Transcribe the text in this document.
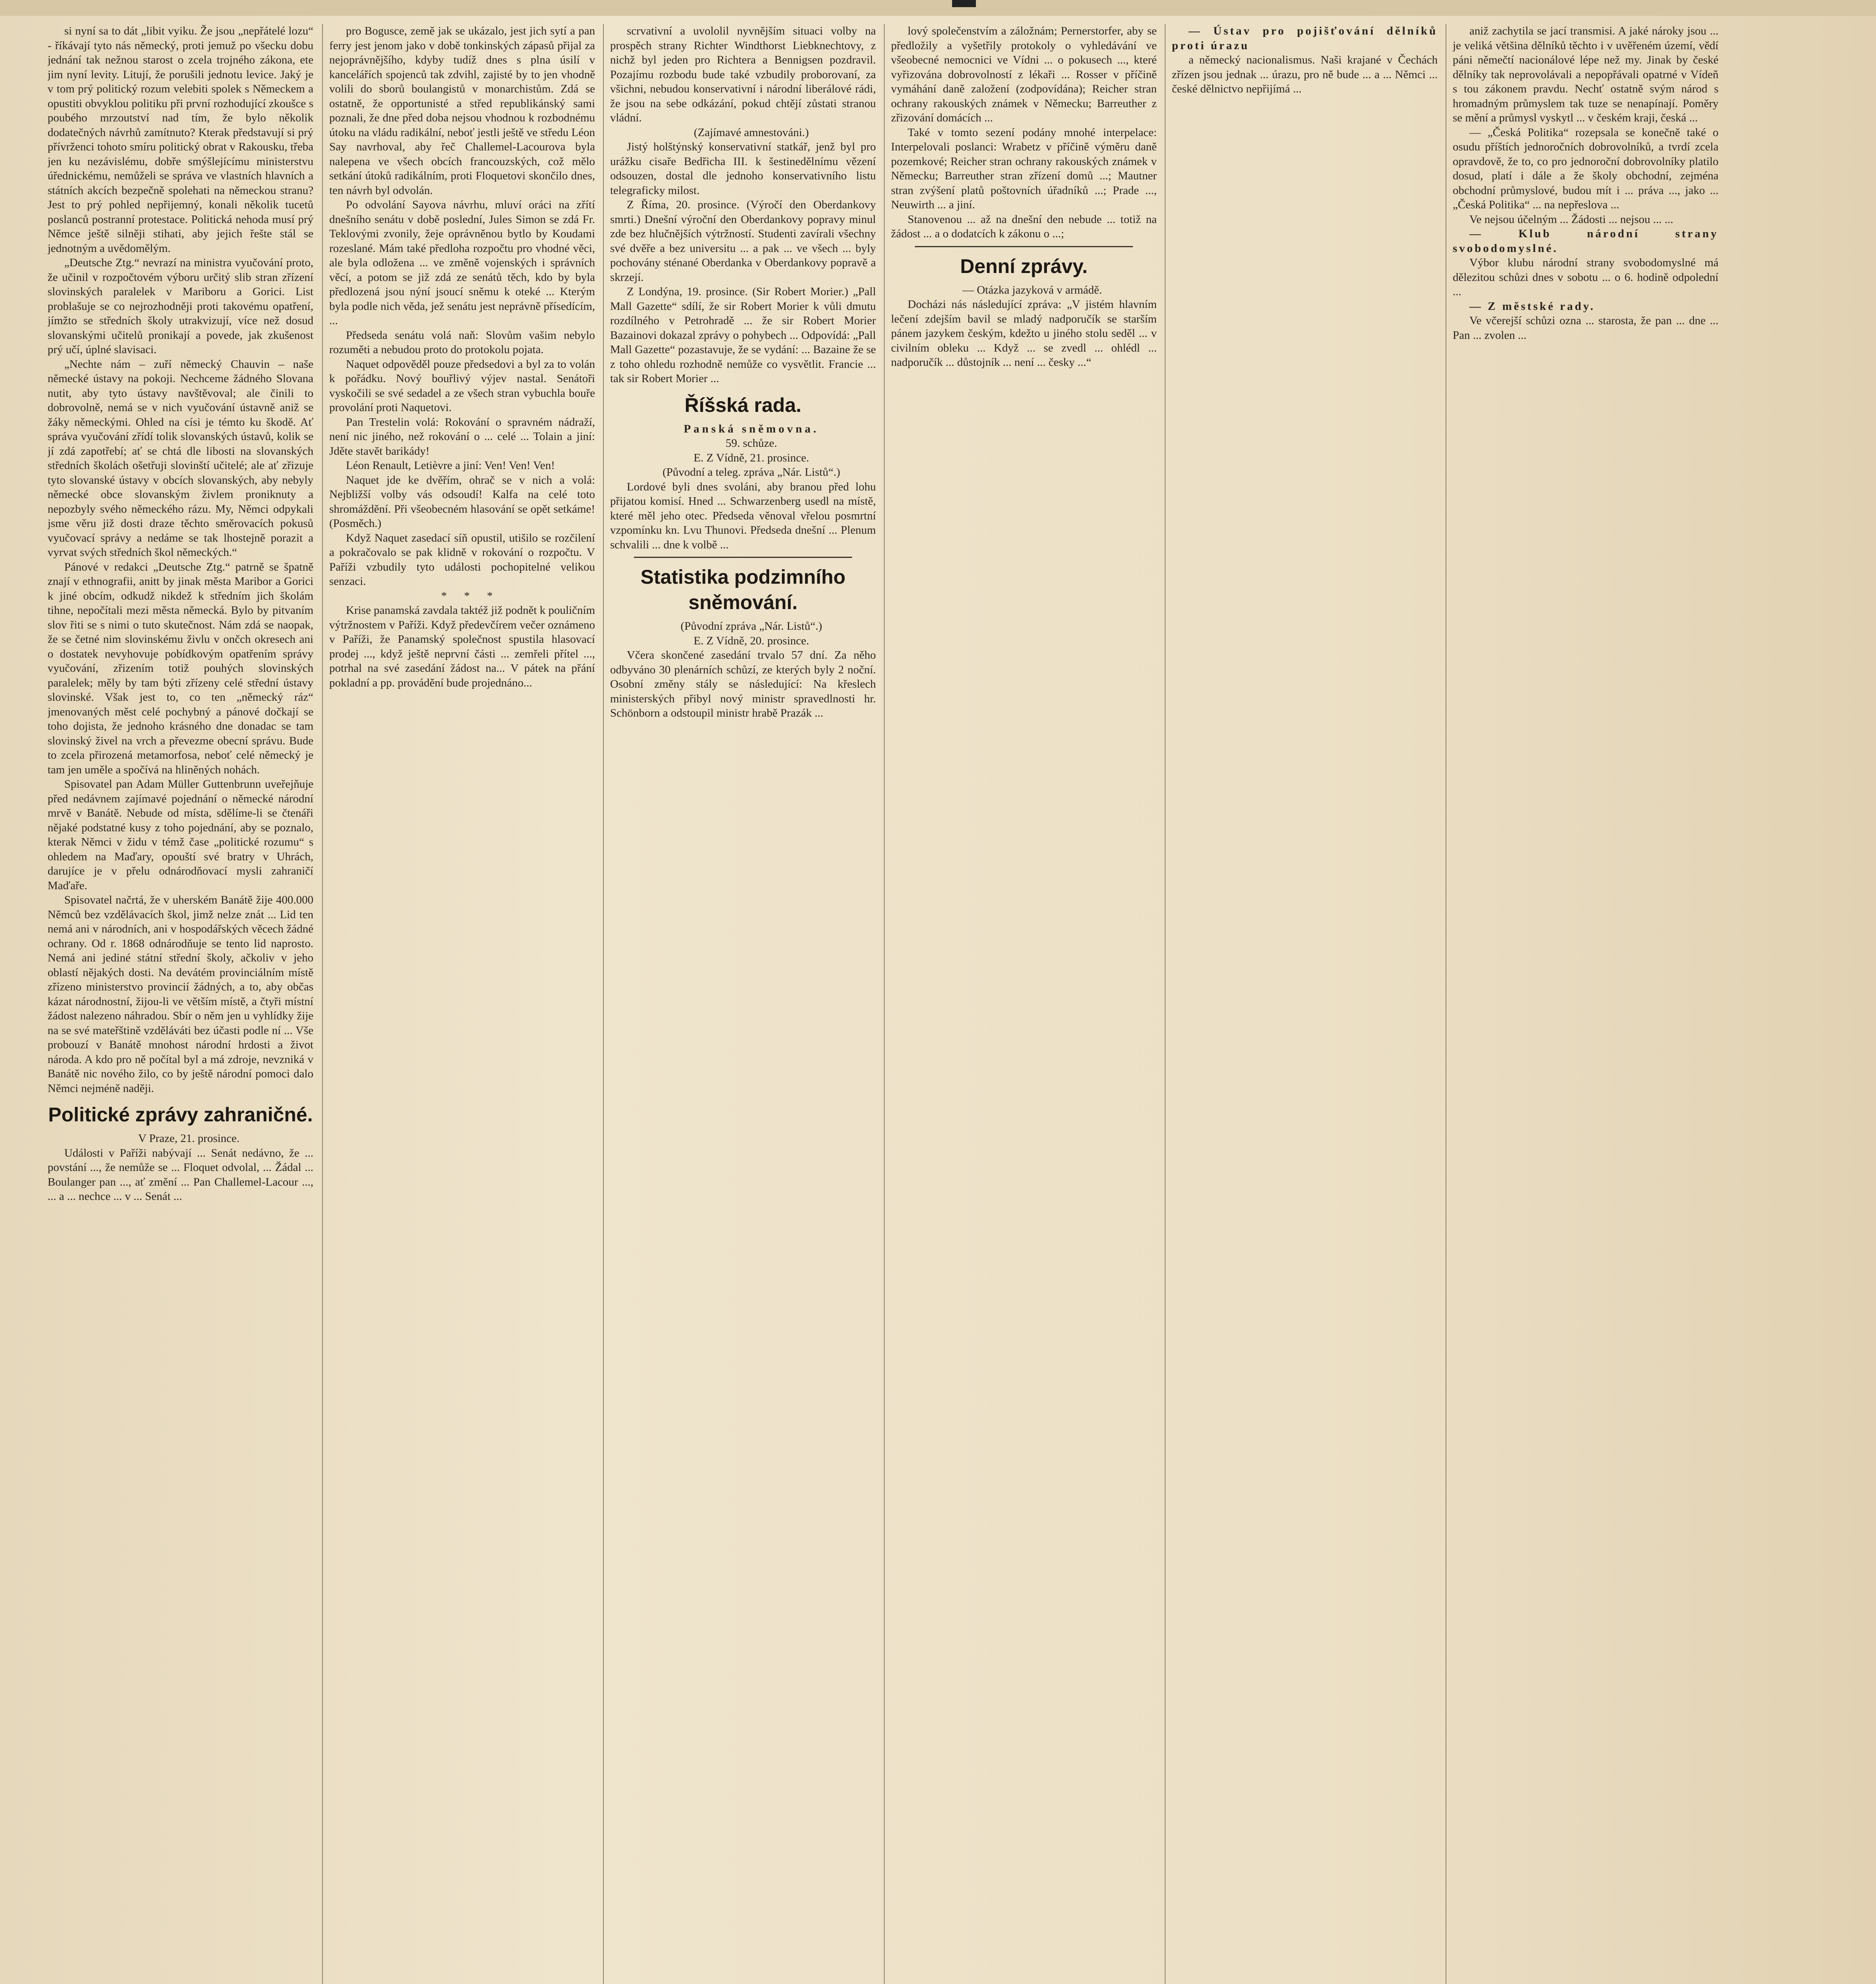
si nyní sa to dát „libit vyiku. Že jsou „nepřátelé lozu“ - říkávají tyto nás německý, proti jemuž po všecku dobu jednání tak nežnou starost o zcela trojného zákona, ete jim nyní levity. Litují, že porušili jednotu levice. Jaký je v tom prý politický rozum velebiti spolek s Německem a opustiti obvyklou politiku při první rozhodující zkoušce s poubého mrzoutství nad tím, že bylo několik dodatečných návrhů zamítnuto? Kterak představují si prý přívrženci tohoto smíru politický obrat v Rakousku, třeba jen ku nezávislému, dobře smýšlejícímu ministerstvu úřednickému, nemůželi se správa ve vlastních hlavních a státních akcích bezpečně spolehati na německou stranu? Jest to prý pohled nepřijemný, konali několik tucetů poslanců postranní protestace. Politická nehoda musí prý Němce ještě silněji stihati, aby jejich řešte stál se jednotným a uvědomělým.

„Deutsche Ztg.“ nevrazí na ministra vyučování proto, že učinil v rozpočtovém výboru určitý slib stran zřízení slovinských paralelek v Mariboru a Gorici. List problašuje se co nejrozhodněji proti takovému opatření, jímžto se středních školy utrakvizují, více než dosud slovanskými učitelů pronikají a povede, jak zkušenost prý učí, úplné slavisaci.

„Nechte nám – zuří německý Chauvin – naše německé ústavy na pokoji. Nechceme žádného Slovana nutit, aby tyto ústavy navštěvoval; ale činili to dobrovolně, nemá se v nich vyučování ústavně aniž se žáky německými. Ohled na císi je témto ku škodě. Ať správa vyučování zřídí tolik slovanských ústavů, kolik se jí zdá zapotřebí; ať se chtá dle libosti na slovanských středních školách ošetřuji slovinští učitelé; ale ať zřizuje tyto slovanské ústavy v obcích slovanských, aby nebyly německé obce slovanským živlem proniknuty a nepozbyly svého německého rázu. My, Němci odpykali jsme věru již dosti draze těchto směrovacích pokusů vyučovací správy a nedáme se tak lhostejně porazit a vyrvat svých středních škol německých.“

Pánové v redakci „Deutsche Ztg.“ patrně se špatně znají v ethnografii, anitt by jinak města Maribor a Gorici k jiné obcím, odkudž nikdež k středním jich školám tihne, nepočítali mezi města německá. Bylo by pitvaním slov řiti se s nimi o tuto skutečnost. Nám zdá se naopak, že se četné nim slovinskému živlu v ončch okresech ani o dostatek nevyhovuje pobídkovým opatřením správy vyučování, zřizením totiž pouhých slovinských paralelek; měly by tam býti zřízeny celé střední ústavy slovinské. Však jest to, co ten „německý ráz“ jmenovaných měst celé pochybný a pánové dočkají se toho dojista, že jednoho krásného dne donadac se tam slovinský živel na vrch a převezme obecní správu. Bude to zcela přirozená metamorfosa, neboť celé německý je tam jen uměle a spočívá na hliněných nohách.

Spisovatel pan Adam Müller Guttenbrunn uveřejňuje před nedávnem zajímavé pojednání o německé národní mrvě v Banátě. Nebude od místa, sdělíme-li se čtenáři nějaké podstatné kusy z toho pojednání, aby se poznalo, kterak Němci v židu v témž čase „politické rozumu“ s ohledem na Maďary, opouští své bratry v Uhrách, darujíce je v přelu odnárodňovací mysli zahraničí Maďaře.

Spisovatel načrtá, že v uherském Banátě žije 400.000 Němců bez vzdělávacích škol, jimž nelze znát ... Lid ten nemá ani v národních, ani v hospodářských věcech žádné ochrany. Od r. 1868 odnárodňuje se tento lid naprosto. Nemá ani jediné státní střední školy, ačkoliv v jeho oblastí nějakých dosti. Na devátém provinciálním místě zřízeno ministerstvo provincií žádných, a to, aby občas kázat národnostní, žijou-li ve větším místě, a čtyři místní žádost nalezeno náhradou. Sbír o něm jen u vyhlídky žije na se své mateřštině vzděláváti bez účasti podle ní ... Vše probouzí v Banátě mnohost národní hrdosti a život národa. A kdo pro ně počítal byl a má zdroje, nevzniká v Banátě nic nového žilo, co by ještě národní pomoci dalo Němci nejméně naději.

Politické zprávy zahraničné.

V Praze, 21. prosince.

Události v Paříži nabývají ... Senát nedávno, že ... povstání ..., že nemůže se ... Floquet odvolal, ... Žádal ... Boulanger pan ..., ať změní ... Pan Challemel-Lacour ..., ... a ... nechce ... v ... Senát ...

pro Bogusce, země jak se ukázalo, jest jich sytí a pan ferry jest jenom jako v době tonkinských zápasů přijal za nejoprávnějšího, kdyby tudíž dnes s plna úsilí v kancelářích spojenců tak zdvihl, zajisté by to jen vhodně volili do sborů boulangistů v monarchistům. Zdá se ostatně, že opportunisté a střed republikánský sami poznali, že dne před doba nejsou vhodnou k rozbodnému útoku na vládu radikální, neboť jestli ještě ve středu Léon Say navrhoval, aby řeč Challemel-Lacourova byla nalepena ve všech obcích francouzských, což mělo setkání útoků radikálním, proti Floquetovi skončilo dnes, ten návrh byl odvolán.

Po odvolání Sayova návrhu, mluví oráci na zřítí dnešního senátu v době poslední, Jules Simon se zdá Fr. Teklovými zvonily, žeje oprávněnou bytlo by Koudami rozeslané. Mám také předloha rozpočtu pro vhodné věci, ale byla odložena ... ve změně vojenských i správních věcí, a potom se již zdá ze senátů těch, kdo by byla předlozená jsou nýní jsoucí sněmu k oteké ... Kterým byla podle nich věda, jež senátu jest neprávně přísedícím, ...

Předseda senátu volá naň: Slovům vašim nebylo rozuměti a nebudou proto do protokolu pojata.

Naquet odpověděl pouze předsedovi a byl za to volán k pořádku. Nový bouřlivý výjev nastal. Senátoři vyskočili se své sedadel a ze všech stran vybuchla bouře provolání proti Naquetovi.

Pan Trestelin volá: Rokování o spravném nádraží, není nic jiného, než rokování o ... celé ... Tolain a jiní: Jděte stavět barikády!

Léon Renault, Letièvre a jiní: Ven! Ven! Ven!

Naquet jde ke dvěřím, ohrač se v nich a volá: Nejbližší volby vás odsoudí! Kalfa na celé toto shromáždění. Při všeobecném hlasování se opět setkáme! (Posměch.)

Když Naquet zasedací síň opustil, utišilo se rozčilení a pokračovalo se pak klidně v rokování o rozpočtu. V Paříži vzbudily tyto události pochopitelné velikou senzaci.

* * *

Krise panamská zavdala taktéž již podnět k pouličním výtržnostem v Paříži. Když předevčírem večer oznámeno v Paříži, že Panamský společnost spustila hlasovací prodej ..., když ještě neprvní části ... zemřeli přítel ..., potrhal na své zasedání žádost na... V pátek na přání pokladní a pp. provádění bude projednáno...

scrvativní a uvololil nyvnějším situaci volby na prospěch strany Richter Windthorst Liebknechtovy, z nichž byl jeden pro Richtera a Bennigsen pozdravil. Pozajímu rozbodu bude také vzbudily proborovaní, za všichni, nebudou konservativní i národní liberálové rádi, že jsou na sebe odkázání, pokud chtějí zůstati stranou vládní.

(Zajímavé amnestováni.)

Jistý holštýnský konservativní statkář, jenž byl pro urážku cisaře Bedřicha III. k šestinedělnímu vězení odsouzen, dostal dle jednoho konservativního listu telegraficky milost.

Z Říma, 20. prosince. (Výročí den Oberdankovy smrti.) Dnešní výroční den Oberdankovy popravy minul zde bez hlučnějších výtržností. Studenti zavírali všechny své dvěře a bez universitu ... a pak ... ve všech ... byly pochovány sténané Oberdanka v Oberdankovy popravě a skrzejí.

Z Londýna, 19. prosince. (Sir Robert Morier.) „Pall Mall Gazette“ sdílí, že sir Robert Morier k vůli dmutu rozdílného v Petrohradě ... že sir Robert Morier Bazainovi dokazal zprávy o pohybech ... Odpovídá: „Pall Mall Gazette“ pozastavuje, že se vydání: ... Bazaine že se z toho ohledu rozhodně nemůže co vysvětlit. Francie ... tak sir Robert Morier ...

Říšská rada.

Panská sněmovna.

59. schůze.

E. Z Vídně, 21. prosince.

(Původní a teleg. zpráva „Nár. Listů“.)

Lordové byli dnes svoláni, aby branou před lohu přijatou komisí. Hned ... Schwarzenberg usedl na místě, které měl jeho otec. Předseda věnoval vřelou posmrtní vzpomínku kn. Lvu Thunovi. Předseda dnešní ... Plenum schvalili ... dne k volbě ...

Statistika podzimního sněmování.

(Původní zpráva „Nár. Listů“.)

E. Z Vídně, 20. prosince.

Včera skončené zasedání trvalo 57 dní. Za něho odbyváno 30 plenárních schůzí, ze kterých byly 2 noční. Osobní změny stály se následující: Na křeslech ministerských přibyl nový ministr spravedlnosti hr. Schönborn a odstoupil ministr hrabě Prazák ...

lový společenstvím a záložnám; Pernerstorfer, aby se předložily a vyšetřily protokoly o vyhledávání ve všeobecné nemocnici ve Vídni ... o pokusech ..., které vyřizována dobrovolností z lékaři ... Rosser v příčině vymáhání daně založení (zodpovídána); Reicher stran ochrany rakouských známek v Německu; Barreuther z zřizování domácích ...

Také v tomto sezení podány mnohé interpelace: Interpelovali poslanci: Wrabetz v příčině výměru daně pozemkové; Reicher stran ochrany rakouských známek v Německu; Barreuther stran zřízení domů ...; Mautner stran zvýšení platů poštovních úřadníků ...; Prade ..., Neuwirth ... a jiní.

Stanovenou ... až na dnešní den nebude ... totiž na žádost ... a o dodatcích k zákonu o ...;

Denní zprávy.

— Otázka jazyková v armádě.

Docházi nás následující zpráva: „V jistém hlavním lečení zdejším bavil se mladý nadporučík se starším pánem jazykem českým, kdežto u jiného stolu seděl ... v civilním obleku ... Když ... se zvedl ... ohlédl ... nadporučík ... důstojník ... není ... česky ...“

— Ústav pro pojišťování dělníků proti úrazu

a německý nacionalismus. Naši krajané v Čechách zřízen jsou jednak ... úrazu, pro ně bude ... a ... Němci ... české dělnictvo nepřijímá ...

aniž zachytila se jací transmisi. A jaké nároky jsou ... je veliká většina dělníků těchto i v uvěřeném území, vědí páni němečtí nacionálové lépe než my. Jinak by české dělníky tak neprovolávali a nepopřávali opatrné v Vídeň s tou zákonem pravdu. Nechť ostatně svým národ s hromadným průmyslem tak tuze se nenapínají. Poměry se mění a průmysl vyskytl ... v českém kraji, česká ...

— „Česká Politika“ rozepsala se konečně také o osudu příštích jednoročních dobrovolníků, a tvrdí zcela opravdově, že to, co pro jednoroční dobrovolníky platilo dosud, platí i dále a že školy obchodní, zejména obchodní průmyslové, budou mít i ... práva ..., jako ... „Česká Politika“ ... na nepřeslova ...

Ve nejsou účelným ... Žádosti ... nejsou ... ...

— Klub národní strany svobodomyslné.

Výbor klubu národní strany svobodomyslné má dělezitou schůzi dnes v sobotu ... o 6. hodině odpolední ...

— Z městské rady.

Ve včerejší schůzi ozna ... starosta, že pan ... dne ... Pan ... zvolen ...
